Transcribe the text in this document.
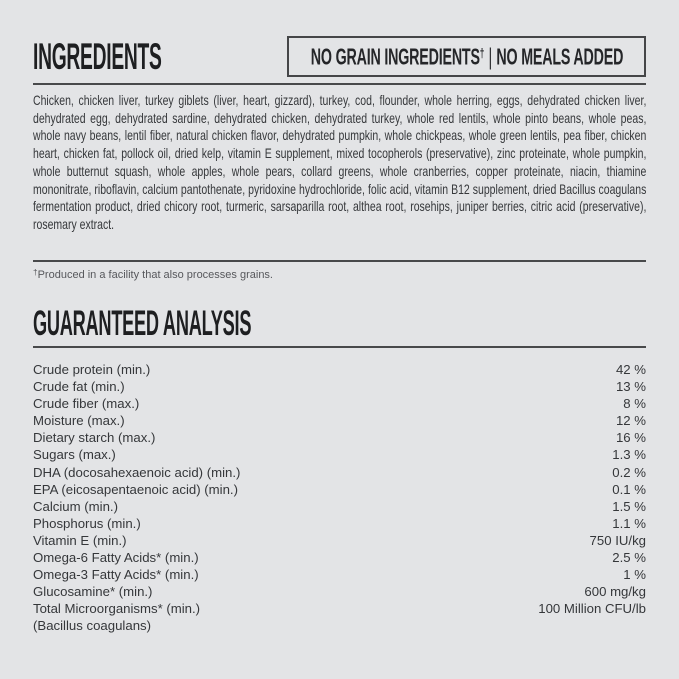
INGREDIENTS	NO GRAIN INGREDIENTS† | NO MEALS ADDED
Chicken, chicken liver, turkey giblets (liver, heart, gizzard), turkey, cod, flounder, whole herring, eggs, dehydrated chicken liver, dehydrated egg, dehydrated sardine, dehydrated chicken, dehydrated turkey, whole red lentils, whole pinto beans, whole peas, whole navy beans, lentil fiber, natural chicken flavor, dehydrated pumpkin, whole chickpeas, whole green lentils, pea fiber, chicken heart, chicken fat, pollock oil, dried kelp, vitamin E supplement, mixed tocopherols (preservative), zinc proteinate, whole pumpkin, whole butternut squash, whole apples, whole pears, collard greens, whole cranberries, copper proteinate, niacin, thiamine mononitrate, riboflavin, calcium pantothenate, pyridoxine hydrochloride, folic acid, vitamin B12 supplement, dried Bacillus coagulans fermentation product, dried chicory root, turmeric, sarsaparilla root, althea root, rosehips, juniper berries, citric acid (preservative), rosemary extract.
†Produced in a facility that also processes grains.
GUARANTEED ANALYSIS
Crude protein (min.)	42 %
Crude fat (min.)	13 %
Crude fiber (max.)	8 %
Moisture (max.)	12 %
Dietary starch (max.)	16 %
Sugars (max.)	1.3 %
DHA (docosahexaenoic acid) (min.)	0.2 %
EPA (eicosapentaenoic acid) (min.)	0.1 %
Calcium (min.)	1.5 %
Phosphorus (min.)	1.1 %
Vitamin E (min.)	750 IU/kg
Omega-6 Fatty Acids* (min.)	2.5 %
Omega-3 Fatty Acids* (min.)	1 %
Glucosamine* (min.)	600 mg/kg
Total Microorganisms* (min.)	100 Million CFU/lb
(Bacillus coagulans)
